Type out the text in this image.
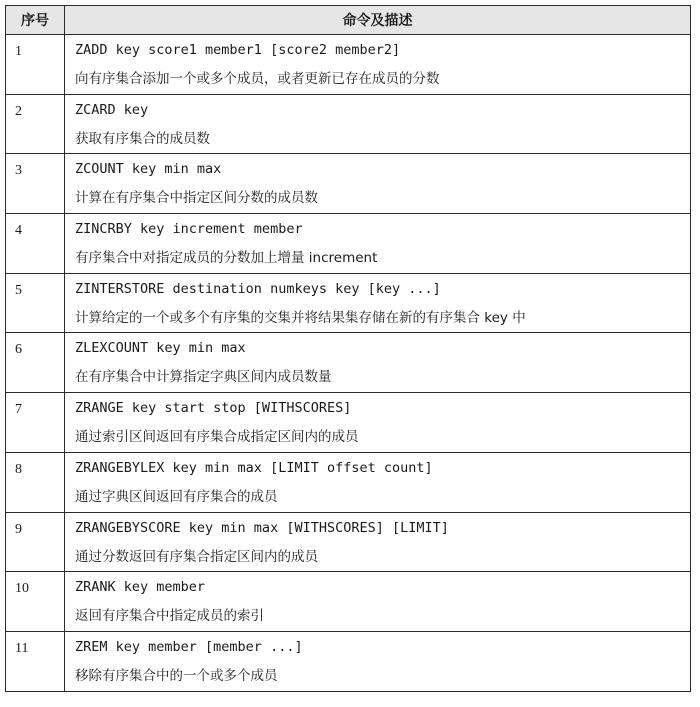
序号	命令及描述
1	ZADD key score1 member1 [score2 member2]
向有序集合添加一个或多个成员，或者更新已存在成员的分数

2	ZCARD key
获取有序集合的成员数

3	ZCOUNT key min max
计算在有序集合中指定区间分数的成员数

4	ZINCRBY key increment member
有序集合中对指定成员的分数加上增量 increment

5	ZINTERSTORE destination numkeys key [key ...]
计算给定的一个或多个有序集的交集并将结果集存储在新的有序集合 key 中

6	ZLEXCOUNT key min max
在有序集合中计算指定字典区间内成员数量

7	ZRANGE key start stop [WITHSCORES]
通过索引区间返回有序集合成指定区间内的成员

8	ZRANGEBYLEX key min max [LIMIT offset count]
通过字典区间返回有序集合的成员

9	ZRANGEBYSCORE key min max [WITHSCORES] [LIMIT]
通过分数返回有序集合指定区间内的成员

10	ZRANK key member
返回有序集合中指定成员的索引

11	ZREM key member [member ...]
移除有序集合中的一个或多个成员
